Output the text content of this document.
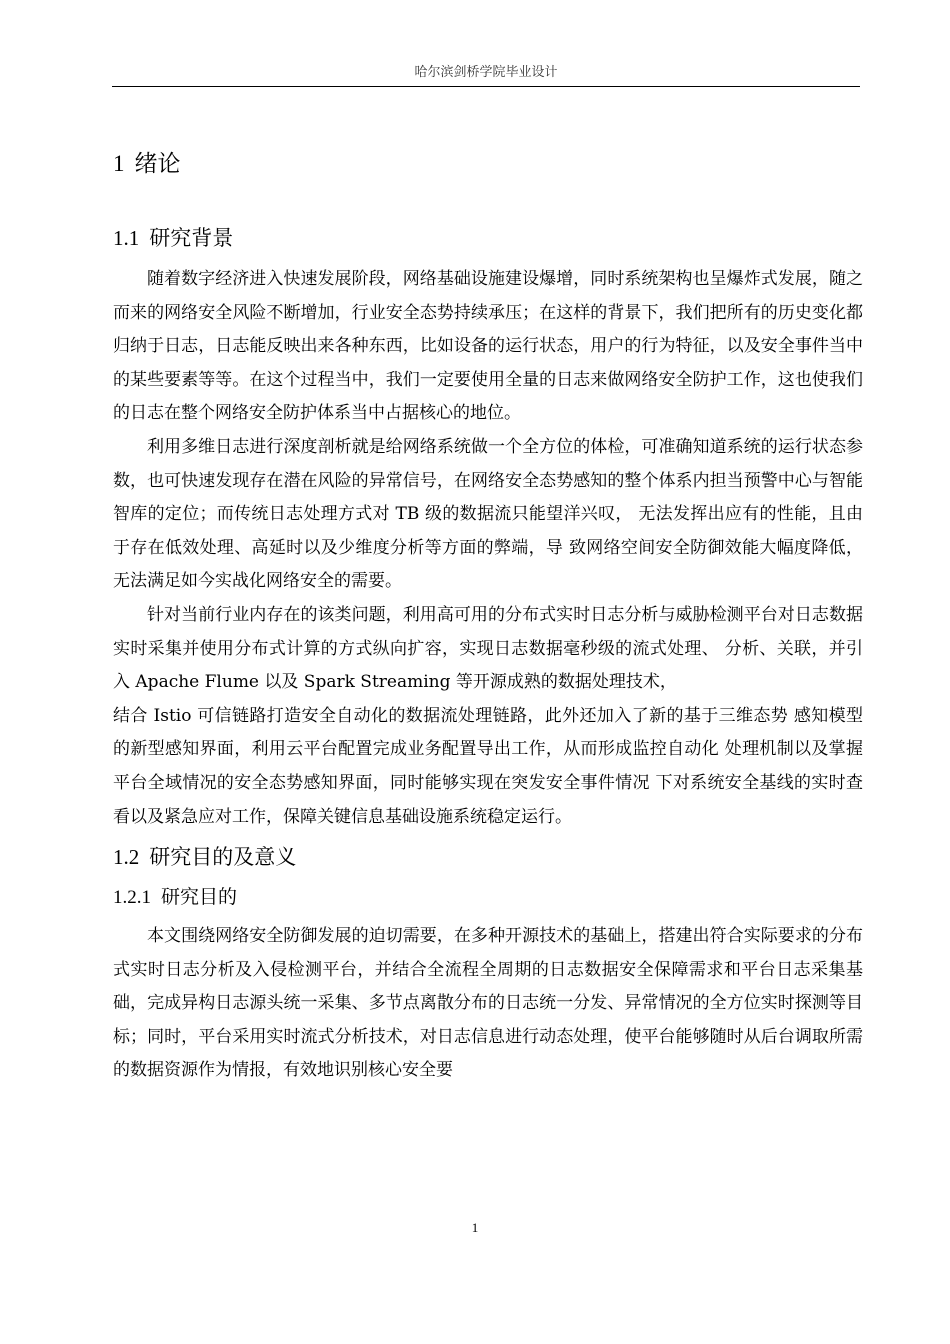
哈尔滨剑桥学院毕业设计
1 绪论
1.1 研究背景

随着数字经济进入快速发展阶段，网络基础设施建设爆增，同时系统架构也呈爆炸式发展，随之而来的网络安全风险不断增加，行业安全态势持续承压；在这样的背景下，我们把所有的历史变化都归纳于日志，日志能反映出来各种东西，比如设备的运行状态，用户的行为特征，以及安全事件当中的某些要素等等。在这个过程当中，我们一定要使用全量的日志来做网络安全防护工作，这也使我们的日志在整个网络安全防护体系当中占据核心的地位。

利用多维日志进行深度剖析就是给网络系统做一个全方位的体检，可准确知道系统的运行状态参数，也可快速发现存在潜在风险的异常信号，在网络安全态势感知的整个体系内担当预警中心与智能智库的定位；而传统日志处理方式对 TB 级的数据流只能望洋兴叹， 无法发挥出应有的性能，且由于存在低效处理、高延时以及少维度分析等方面的弊端，导 致网络空间安全防御效能大幅度降低，无法满足如今实战化网络安全的需要。

针对当前行业内存在的该类问题，利用高可用的分布式实时日志分析与威胁检测平台对日志数据实时采集并使用分布式计算的方式纵向扩容，实现日志数据毫秒级的流式处理、 分析、关联，并引入 Apache Flume 以及 Spark Streaming 等开源成熟的数据处理技术，

结合 Istio 可信链路打造安全自动化的数据流处理链路，此外还加入了新的基于三维态势 感知模型的新型感知界面，利用云平台配置完成业务配置导出工作，从而形成监控自动化 处理机制以及掌握平台全域情况的安全态势感知界面，同时能够实现在突发安全事件情况 下对系统安全基线的实时查看以及紧急应对工作，保障关键信息基础设施系统稳定运行。

1.2 研究目的及意义
1.2.1 研究目的

本文围绕网络安全防御发展的迫切需要，在多种开源技术的基础上，搭建出符合实际要求的分布式实时日志分析及入侵检测平台，并结合全流程全周期的日志数据安全保障需求和平台日志采集基础，完成异构日志源头统一采集、多节点离散分布的日志统一分发、异常情况的全方位实时探测等目标；同时，平台采用实时流式分析技术，对日志信息进行动态处理，使平台能够随时从后台调取所需的数据资源作为情报，有效地识别核心安全要

1
